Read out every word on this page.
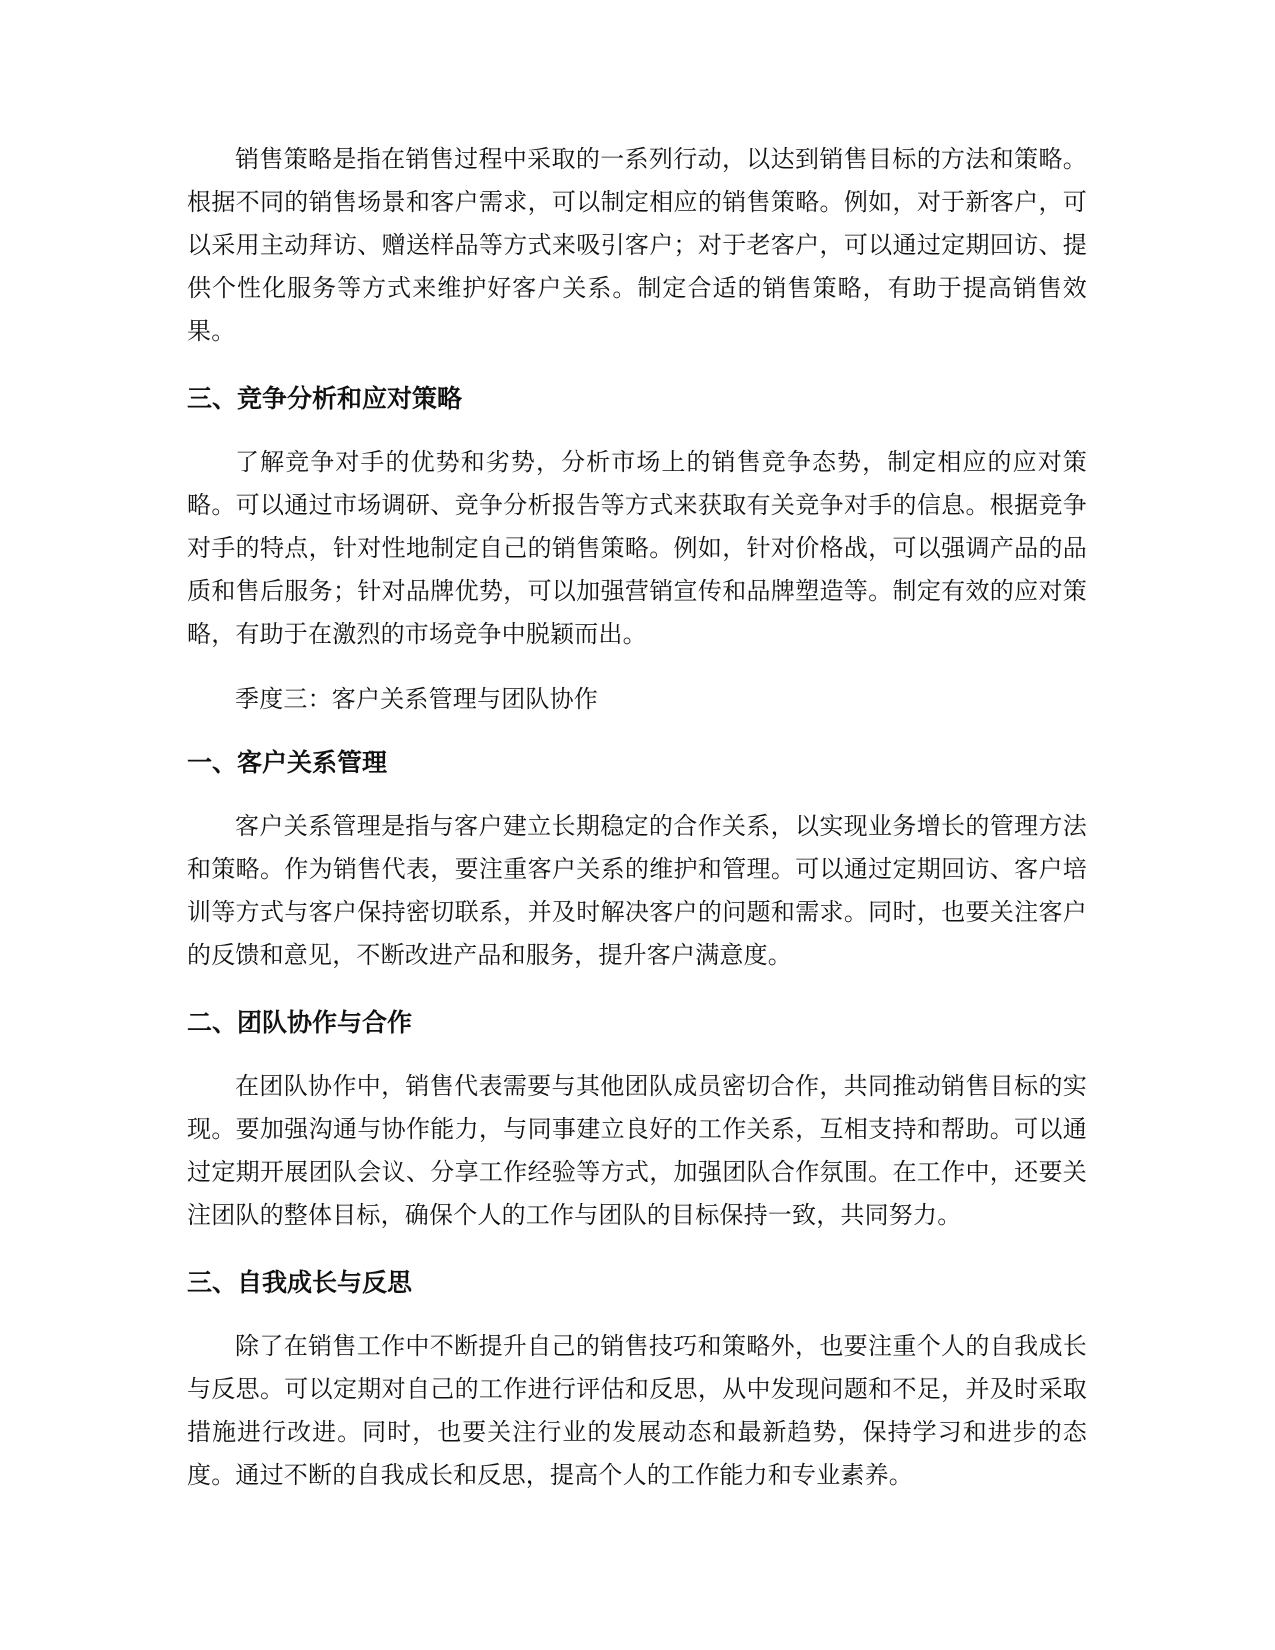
销售策略是指在销售过程中采取的一系列行动，以达到销售目标的方法和策略。根据不同的销售场景和客户需求，可以制定相应的销售策略。例如，对于新客户，可以采用主动拜访、赠送样品等方式来吸引客户；对于老客户，可以通过定期回访、提供个性化服务等方式来维护好客户关系。制定合适的销售策略，有助于提高销售效果。

三、竞争分析和应对策略

了解竞争对手的优势和劣势，分析市场上的销售竞争态势，制定相应的应对策略。可以通过市场调研、竞争分析报告等方式来获取有关竞争对手的信息。根据竞争对手的特点，针对性地制定自己的销售策略。例如，针对价格战，可以强调产品的品质和售后服务；针对品牌优势，可以加强营销宣传和品牌塑造等。制定有效的应对策略，有助于在激烈的市场竞争中脱颖而出。

季度三：客户关系管理与团队协作

一、客户关系管理

客户关系管理是指与客户建立长期稳定的合作关系，以实现业务增长的管理方法和策略。作为销售代表，要注重客户关系的维护和管理。可以通过定期回访、客户培训等方式与客户保持密切联系，并及时解决客户的问题和需求。同时，也要关注客户的反馈和意见，不断改进产品和服务，提升客户满意度。

二、团队协作与合作

在团队协作中，销售代表需要与其他团队成员密切合作，共同推动销售目标的实现。要加强沟通与协作能力，与同事建立良好的工作关系，互相支持和帮助。可以通过定期开展团队会议、分享工作经验等方式，加强团队合作氛围。在工作中，还要关注团队的整体目标，确保个人的工作与团队的目标保持一致，共同努力。

三、自我成长与反思

除了在销售工作中不断提升自己的销售技巧和策略外，也要注重个人的自我成长与反思。可以定期对自己的工作进行评估和反思，从中发现问题和不足，并及时采取措施进行改进。同时，也要关注行业的发展动态和最新趋势，保持学习和进步的态度。通过不断的自我成长和反思，提高个人的工作能力和专业素养。
